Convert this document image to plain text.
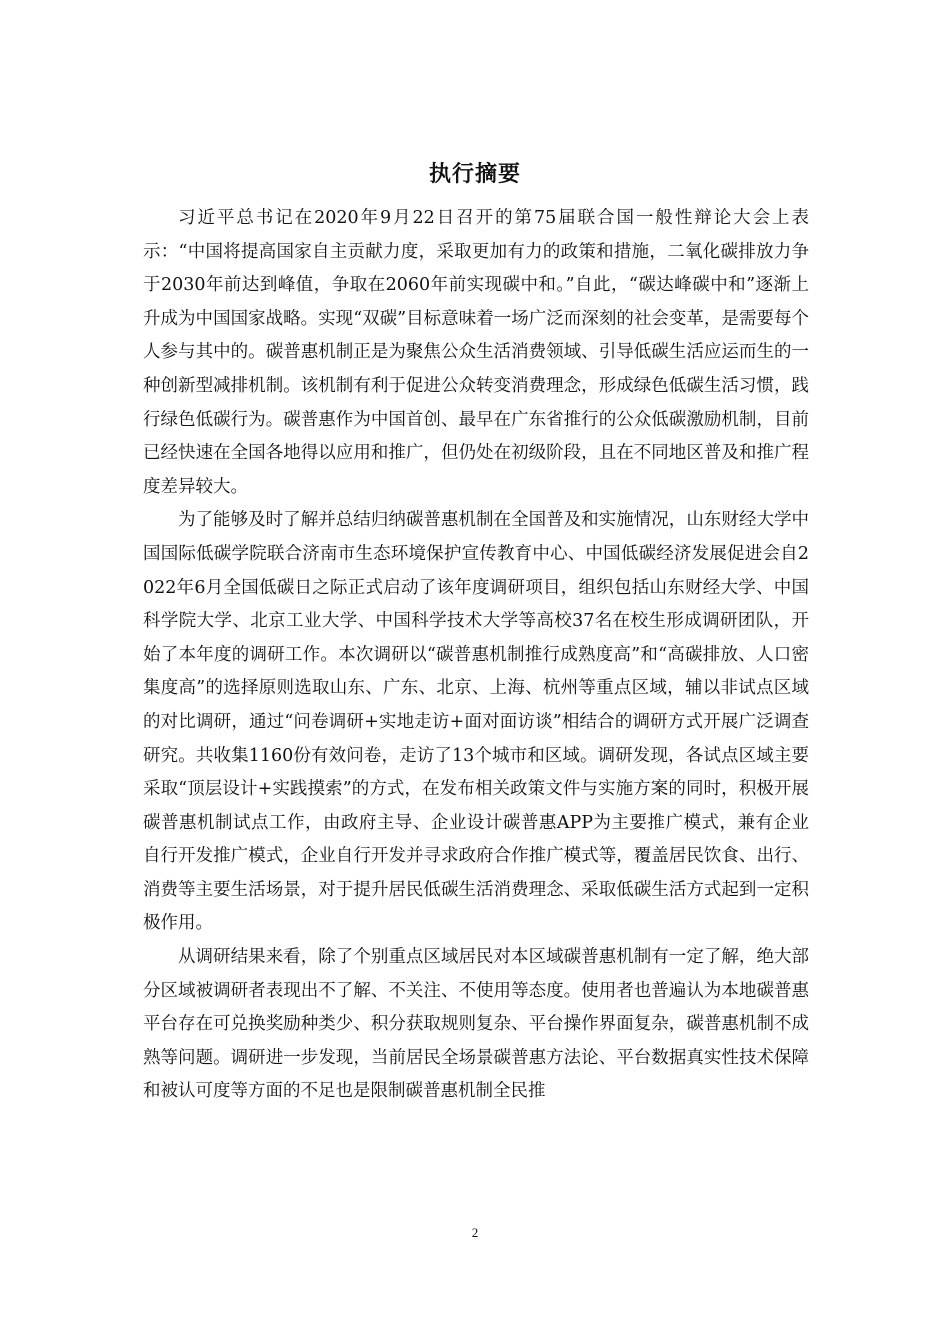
执行摘要

习近平总书记在2020年9月22日召开的第75届联合国一般性辩论大会上表示：“中国将提高国家自主贡献力度，采取更加有力的政策和措施，二氧化碳排放力争于2030年前达到峰值，争取在2060年前实现碳中和。”自此，“碳达峰碳中和”逐渐上升成为中国国家战略。实现“双碳”目标意味着一场广泛而深刻的社会变革，是需要每个人参与其中的。碳普惠机制正是为聚焦公众生活消费领域、引导低碳生活应运而生的一种创新型减排机制。该机制有利于促进公众转变消费理念，形成绿色低碳生活习惯，践行绿色低碳行为。碳普惠作为中国首创、最早在广东省推行的公众低碳激励机制，目前已经快速在全国各地得以应用和推广，但仍处在初级阶段，且在不同地区普及和推广程度差异较大。

为了能够及时了解并总结归纳碳普惠机制在全国普及和实施情况，山东财经大学中国国际低碳学院联合济南市生态环境保护宣传教育中心、中国低碳经济发展促进会自2022年6月全国低碳日之际正式启动了该年度调研项目，组织包括山东财经大学、中国科学院大学、北京工业大学、中国科学技术大学等高校37名在校生形成调研团队，开始了本年度的调研工作。本次调研以“碳普惠机制推行成熟度高”和“高碳排放、人口密集度高”的选择原则选取山东、广东、北京、上海、杭州等重点区域，辅以非试点区域的对比调研，通过“问卷调研+实地走访+面对面访谈”相结合的调研方式开展广泛调查研究。共收集1160份有效问卷，走访了13个城市和区域。调研发现，各试点区域主要采取“顶层设计+实践摸索”的方式，在发布相关政策文件与实施方案的同时，积极开展碳普惠机制试点工作，由政府主导、企业设计碳普惠APP为主要推广模式，兼有企业自行开发推广模式，企业自行开发并寻求政府合作推广模式等，覆盖居民饮食、出行、消费等主要生活场景，对于提升居民低碳生活消费理念、采取低碳生活方式起到一定积极作用。

从调研结果来看，除了个别重点区域居民对本区域碳普惠机制有一定了解，绝大部分区域被调研者表现出不了解、不关注、不使用等态度。使用者也普遍认为本地碳普惠平台存在可兑换奖励种类少、积分获取规则复杂、平台操作界面复杂，碳普惠机制不成熟等问题。调研进一步发现，当前居民全场景碳普惠方法论、平台数据真实性技术保障和被认可度等方面的不足也是限制碳普惠机制全民推

2
